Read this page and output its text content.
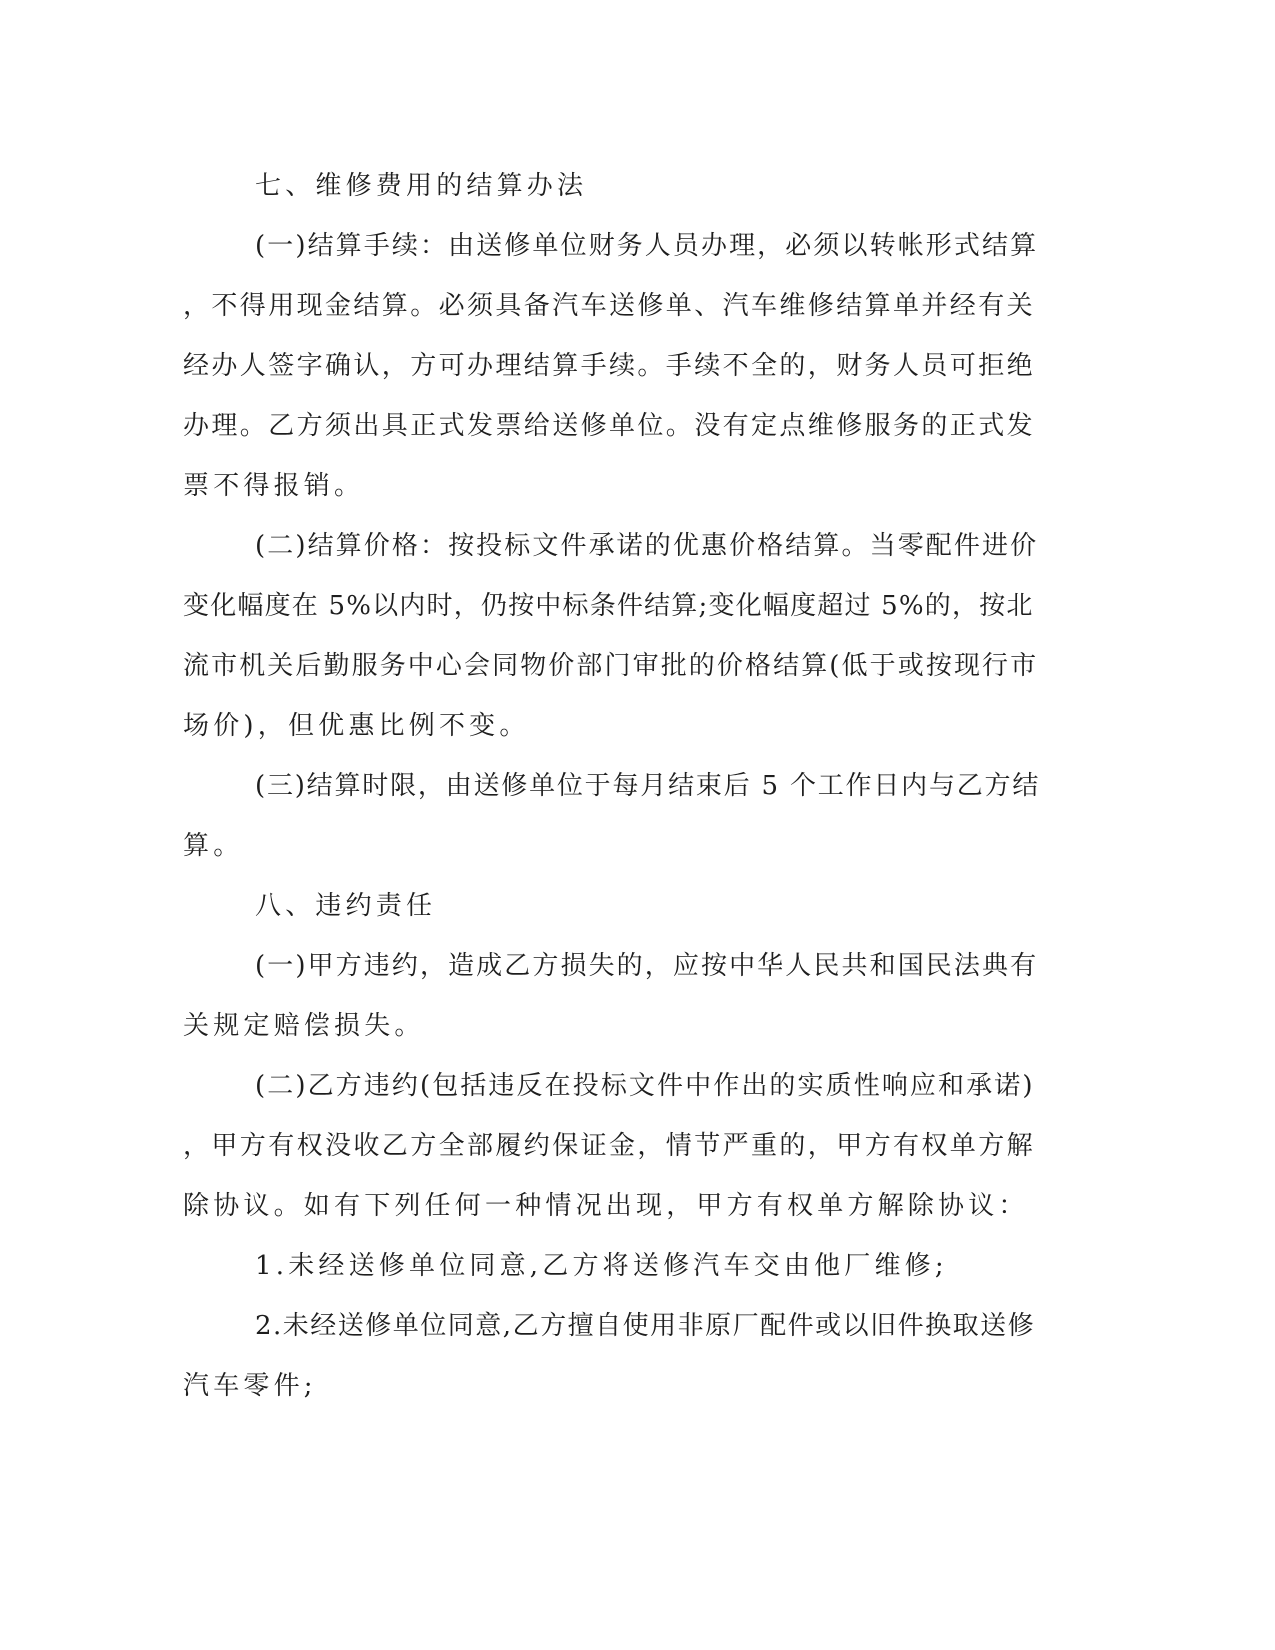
七、维修费用的结算办法
(一)结算手续：由送修单位财务人员办理，必须以转帐形式结算
，不得用现金结算。必须具备汽车送修单、汽车维修结算单并经有关
经办人签字确认，方可办理结算手续。手续不全的，财务人员可拒绝
办理。乙方须出具正式发票给送修单位。没有定点维修服务的正式发
票不得报销。
(二)结算价格：按投标文件承诺的优惠价格结算。当零配件进价
变化幅度在 5%以内时，仍按中标条件结算;变化幅度超过 5%的，按北
流市机关后勤服务中心会同物价部门审批的价格结算(低于或按现行市
场价)，但优惠比例不变。
(三)结算时限，由送修单位于每月结束后 5 个工作日内与乙方结
算。
八、违约责任
(一)甲方违约，造成乙方损失的，应按中华人民共和国民法典有
关规定赔偿损失。
(二)乙方违约(包括违反在投标文件中作出的实质性响应和承诺)
，甲方有权没收乙方全部履约保证金，情节严重的，甲方有权单方解
除协议。如有下列任何一种情况出现，甲方有权单方解除协议：
1.未经送修单位同意,乙方将送修汽车交由他厂维修;
2.未经送修单位同意,乙方擅自使用非原厂配件或以旧件换取送修
汽车零件;
